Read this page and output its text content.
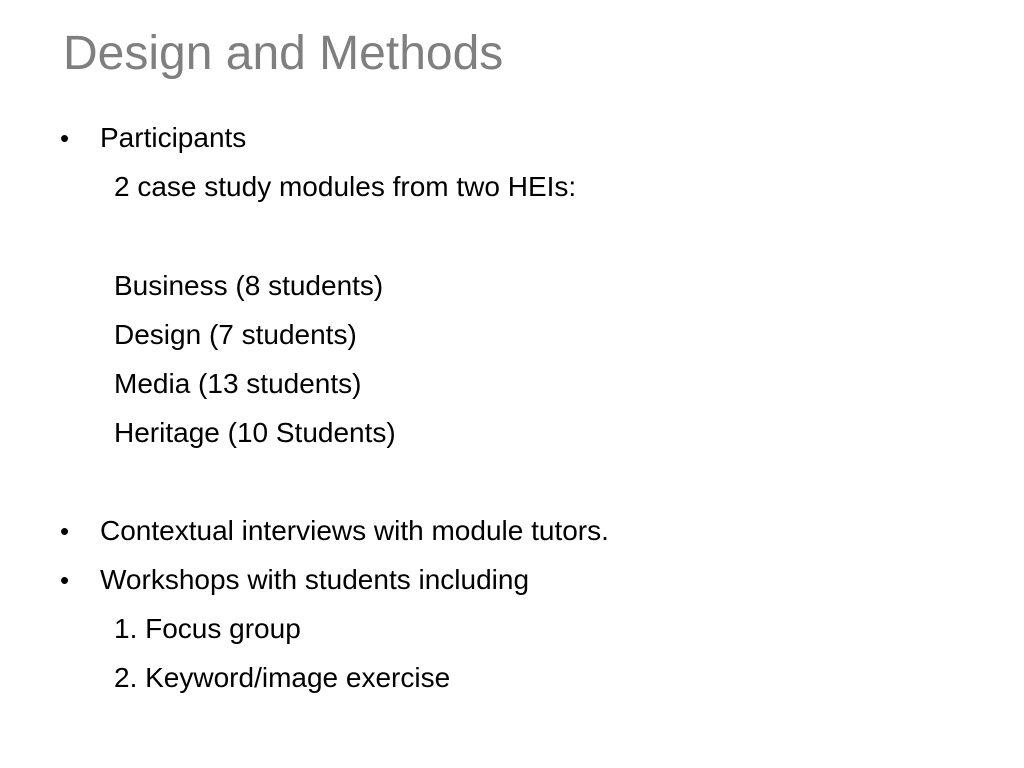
Design and Methods
• Participants
2 case study modules from two HEIs:
Business (8 students)
Design (7 students)
Media (13 students)
Heritage (10 Students)
• Contextual interviews with module tutors.
• Workshops with students including
1. Focus group
2. Keyword/image exercise
